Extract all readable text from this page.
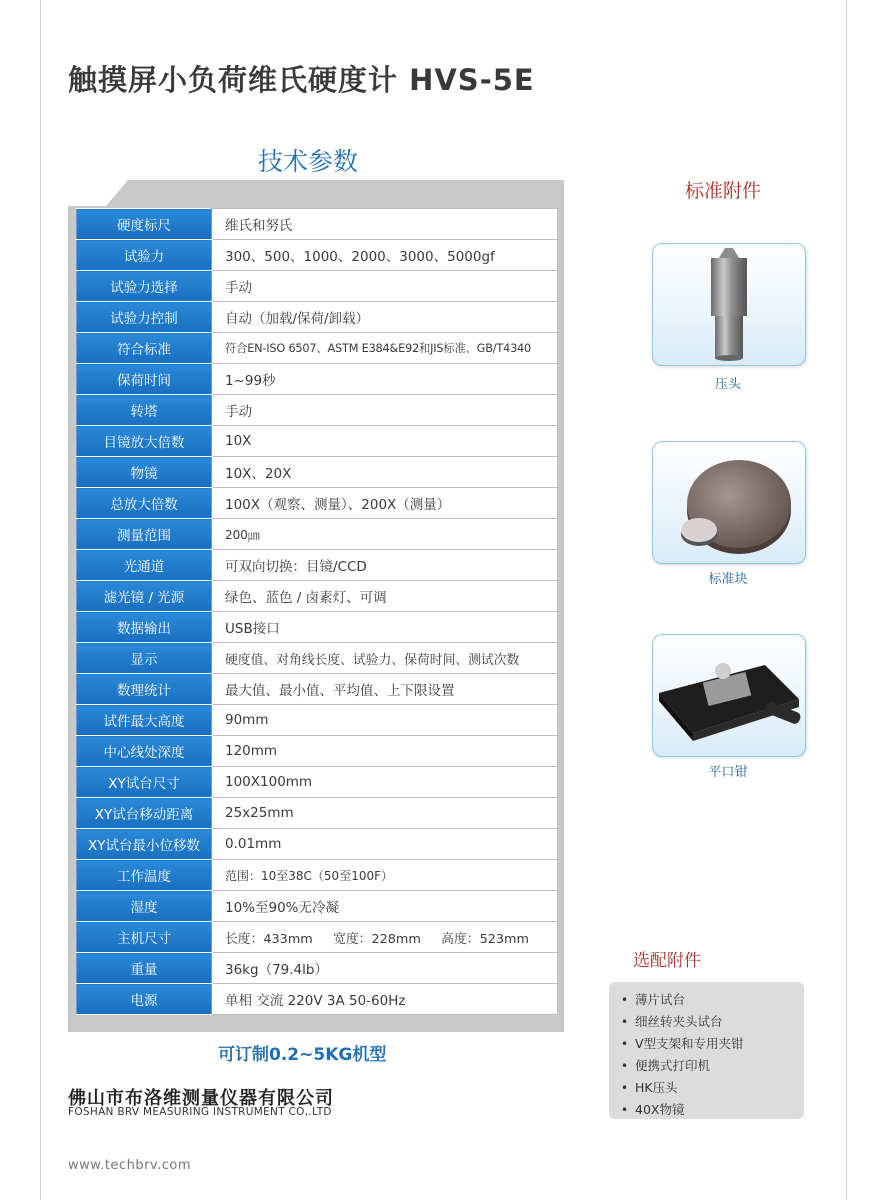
触摸屏小负荷维氏硬度计 HVS-5E
技术参数
硬度标尺	维氏和努氏
试验力	300、500、1000、2000、3000、5000gf
试验力选择	手动
试验力控制	自动（加载/保荷/卸载）
符合标准	符合EN-ISO 6507、ASTM E384&E92和JIS标准、GB/T4340
保荷时间	1~99秒
转塔	手动
目镜放大倍数	10X
物镜	10X、20X
总放大倍数	100X（观察、测量）、200X（测量）
测量范围	200㎛
光通道	可双向切换：目镜/CCD
滤光镜 / 光源	绿色、蓝色 / 卤素灯、可调
数据输出	USB接口
显示	硬度值、对角线长度、试验力、保荷时间、测试次数
数理统计	最大值、最小值、平均值、上下限设置
试件最大高度	90mm
中心线处深度	120mm
XY试台尺寸	100X100mm
XY试台移动距离	25x25mm
XY试台最小位移数	0.01mm
工作温度	范围：10至38C（50至100F）
湿度	10%至90%无冷凝
主机尺寸	长度：433mm     宽度：228mm     高度：523mm
重量	36kg（79.4lb）
电源	单相 交流 220V 3A 50-60Hz
可订制0.2~5KG机型
佛山市布洛维测量仪器有限公司
FOSHAN BRV MEASURING INSTRUMENT CO,.LTD
www.techbrv.com
标准附件
压头
标准块
平口钳
选配附件
• 薄片试台
• 细丝转夹头试台
• V型支架和专用夹钳
• 便携式打印机
• HK压头
• 40X物镜
